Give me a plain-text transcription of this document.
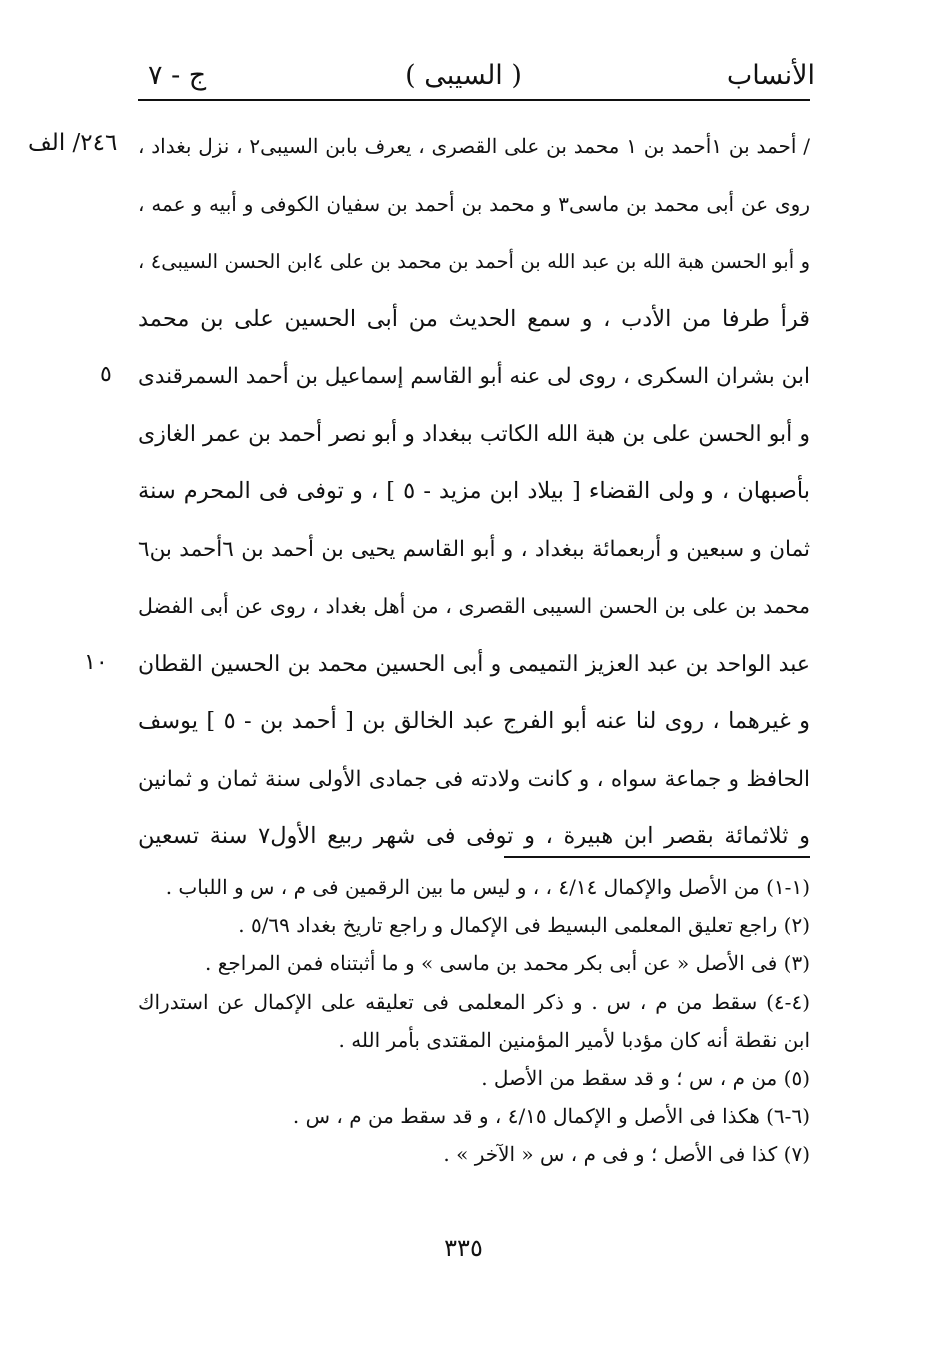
الأنساب
( السيبى )
ج - ٧
٢٤٦/ الف
٥
١٠
/ أحمد بن ١أحمد بن ١ محمد بن على القصرى ، يعرف بابن السيبى٢ ، نزل بغداد ،
روى عن أبى محمد بن ماسى٣ و محمد بن أحمد بن سفيان الكوفى و أبيه و عمه ،
و أبو الحسن هبة الله بن عبد الله بن أحمد بن محمد بن على ٤ابن الحسن السيبى٤ ،
قرأ طرفا من الأدب ، و سمع الحديث من أبى الحسين على بن محمد
ابن بشران السكرى ، روى لى عنه أبو القاسم إسماعيل بن أحمد السمرقندى
و أبو الحسن على بن هبة الله الكاتب ببغداد و أبو نصر أحمد بن عمر الغازى
بأصبهان ، و ولى القضاء [ بيلاد ابن مزيد - ٥ ] ، و توفى فى المحرم سنة
ثمان و سبعين و أربعمائة ببغداد ، و أبو القاسم يحيى بن أحمد بن ٦أحمد بن٦
محمد بن على بن الحسن السيبى القصرى ، من أهل بغداد ، روى عن أبى الفضل
عبد الواحد بن عبد العزيز التميمى و أبى الحسين محمد بن الحسين القطان
و غيرهما ، روى لنا عنه أبو الفرج عبد الخالق بن [ أحمد بن - ٥ ] يوسف
الحافظ و جماعة سواه ، و كانت ولادته فى جمادى الأولى سنة ثمان و ثمانين
و ثلاثمائة بقصر ابن هبيرة ، و توفى فى شهر ربيع الأول٧ سنة تسعين
(١-١) من الأصل والإكمال ٤/١٤ ، ، و ليس ما بين الرقمين فى م ، س و اللباب .
(٢) راجع تعليق المعلمى البسيط فى الإكمال و راجع تاريخ بغداد ٥/٦٩ .
(٣) فى الأصل « عن أبى بكر محمد بن ماسى » و ما أثبتناه فمن المراجع .
(٤-٤) سقط من م ، س . و ذكر المعلمى فى تعليقه على الإكمال عن استدراك
ابن نقطة أنه كان مؤدبا لأمير المؤمنين المقتدى بأمر الله .
(٥) من م ، س ؛ و قد سقط من الأصل .
(٦-٦) هكذا فى الأصل و الإكمال ٤/١٥ ، و قد سقط من م ، س .
(٧) كذا فى الأصل ؛ و فى م ، س « الآخر » .
٣٣٥
